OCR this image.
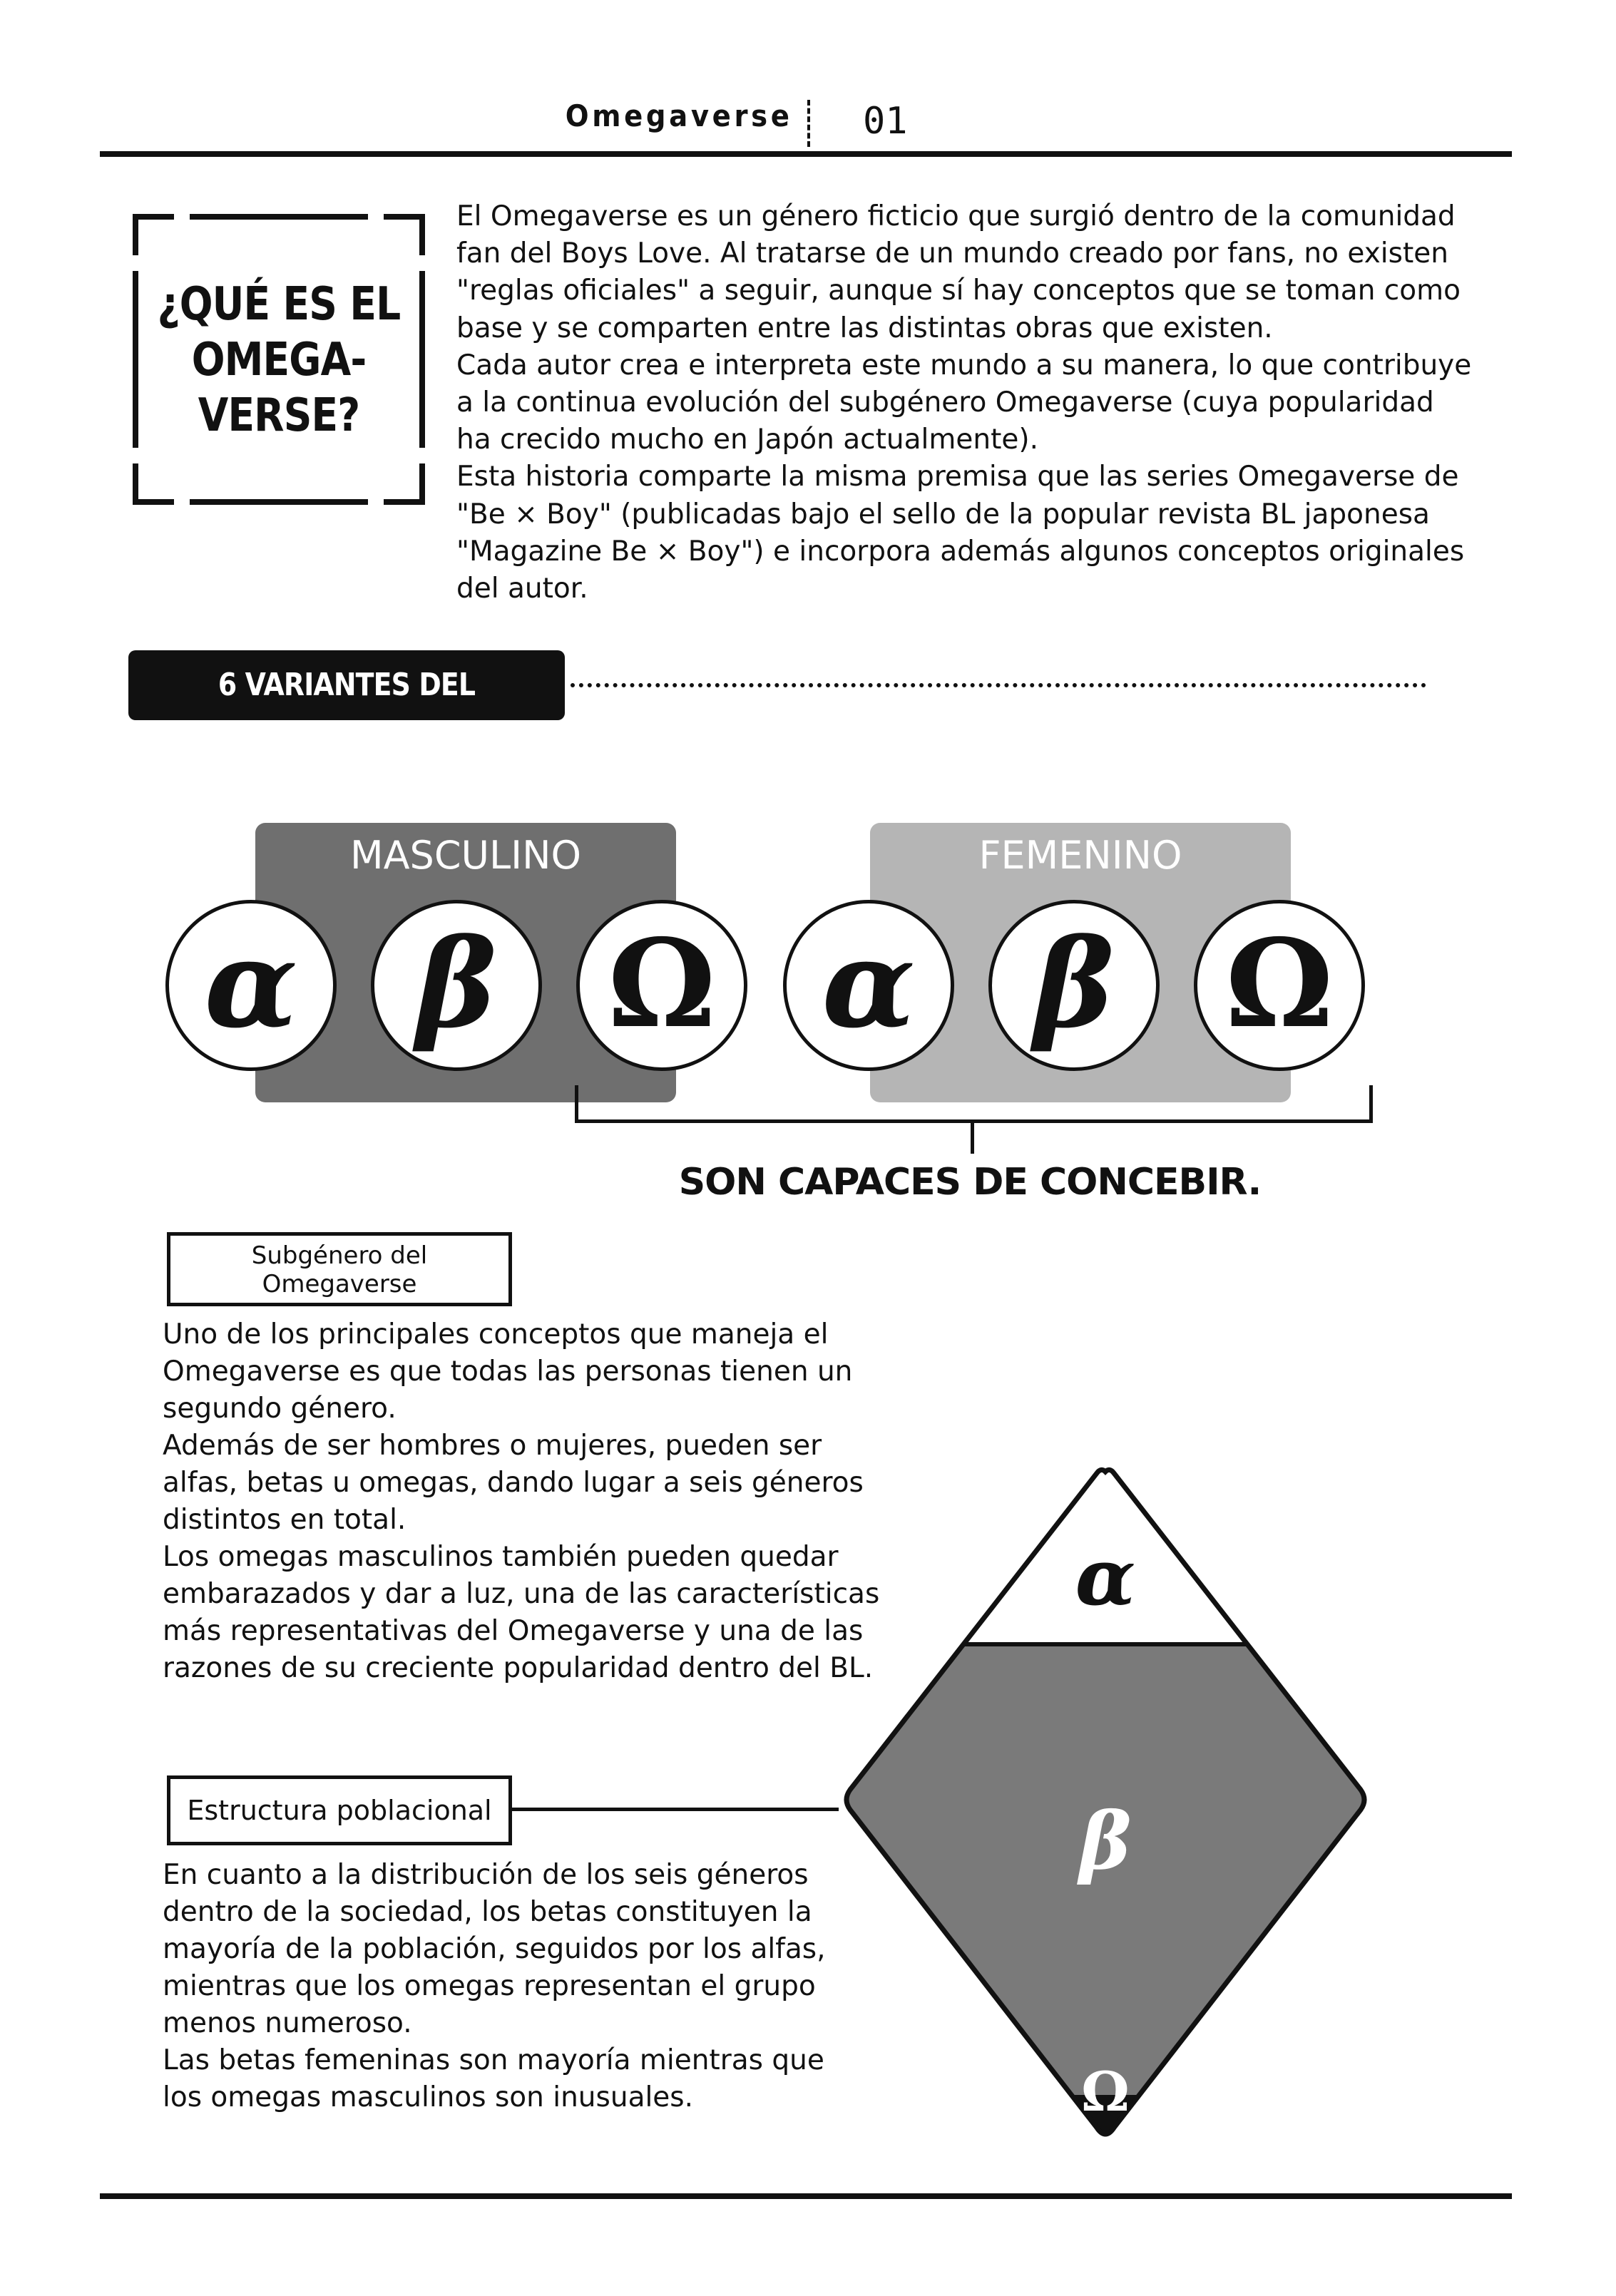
Omegaverse 01
¿QUÉ ES EL
OMEGA-
VERSE?

El Omegaverse es un género ficticio que surgió dentro de la comunidad

fan del Boys Love. Al tratarse de un mundo creado por fans, no existen

"reglas oficiales" a seguir, aunque sí hay conceptos que se toman como

base y se comparten entre las distintas obras que existen.

Cada autor crea e interpreta este mundo a su manera, lo que contribuye

a la continua evolución del subgénero Omegaverse (cuya popularidad

ha crecido mucho en Japón actualmente).

Esta historia comparte la misma premisa que las series Omegaverse de

"Be × Boy" (publicadas bajo el sello de la popular revista BL japonesa

"Magazine Be × Boy") e incorpora además algunos conceptos originales

del autor.

6 VARIANTES DEL GÉNERO
MASCULINO	FEMENINO
α β Ω α β Ω
SON CAPACES DE CONCEBIR.
Subgénero del
Omegaverse

Uno de los principales conceptos que maneja el

Omegaverse es que todas las personas tienen un

segundo género.

Además de ser hombres o mujeres, pueden ser

alfas, betas u omegas, dando lugar a seis géneros

distintos en total.

Los omegas masculinos también pueden quedar

embarazados y dar a luz, una de las características

más representativas del Omegaverse y una de las

razones de su creciente popularidad dentro del BL.

Estructura poblacional

En cuanto a la distribución de los seis géneros

dentro de la sociedad, los betas constituyen la

mayoría de la población, seguidos por los alfas,

mientras que los omegas representan el grupo

menos numeroso.

Las betas femeninas son mayoría mientras que

los omegas masculinos son inusuales.

α
β
Ω
